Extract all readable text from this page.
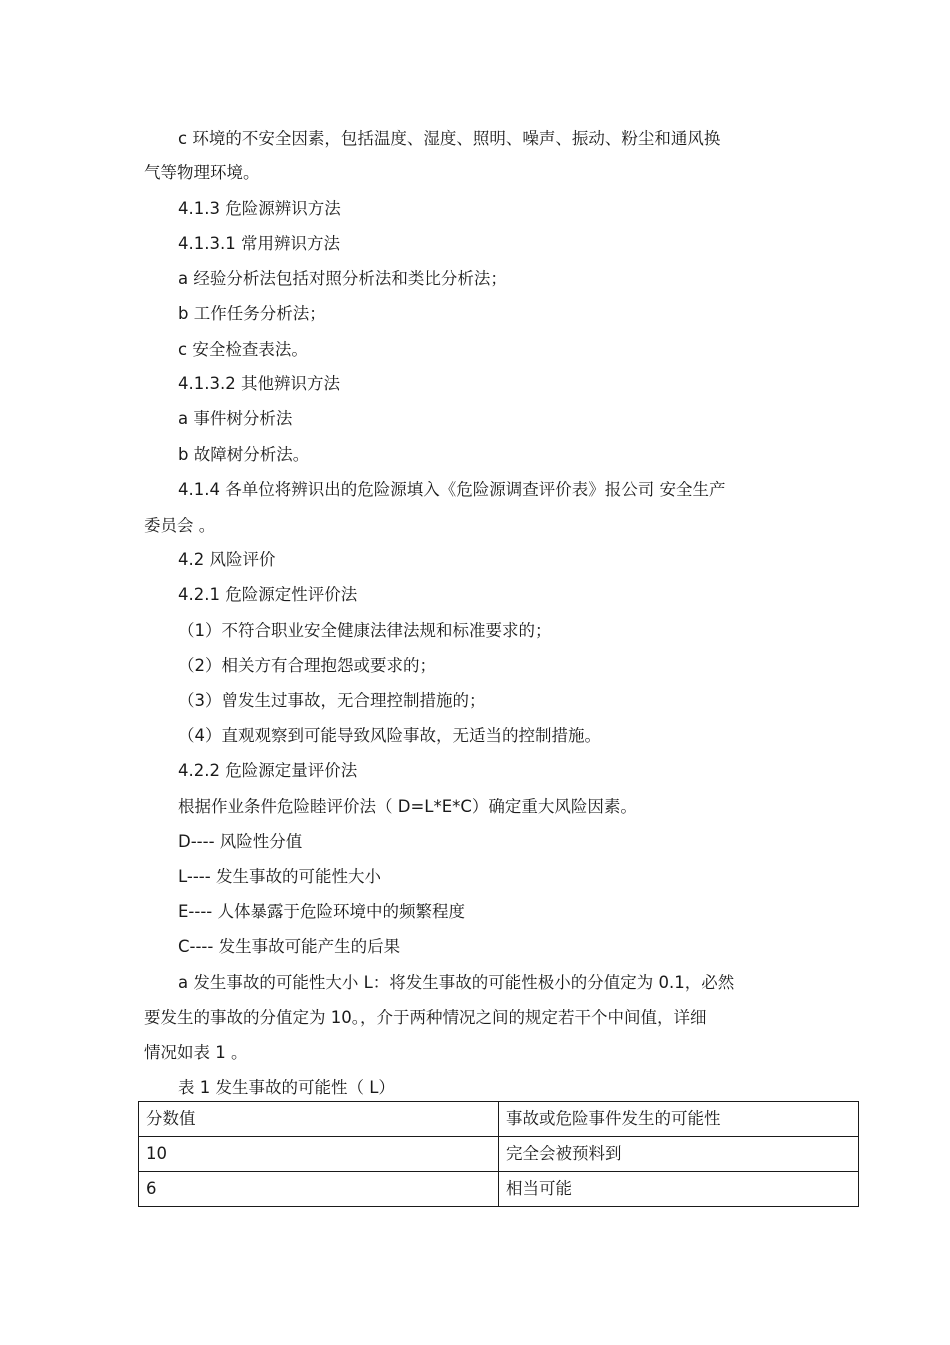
c 环境的不安全因素，包括温度、湿度、照明、噪声、振动、粉尘和通风换
气等物理环境。
4.1.3 危险源辨识方法
4.1.3.1 常用辨识方法
a 经验分析法包括对照分析法和类比分析法；
b 工作任务分析法；
c 安全检查表法。
4.1.3.2 其他辨识方法
a 事件树分析法
b 故障树分析法。
4.1.4 各单位将辨识出的危险源填入《危险源调查评价表》报公司 安全生产
委员会 。
4.2 风险评价
4.2.1 危险源定性评价法
（1）不符合职业安全健康法律法规和标准要求的；
（2）相关方有合理抱怨或要求的；
（3）曾发生过事故，无合理控制措施的；
（4）直观观察到可能导致风险事故，无适当的控制措施。
4.2.2 危险源定量评价法
根据作业条件危险睦评价法（ D=L*E*C）确定重大风险因素。
D---- 风险性分值
L---- 发生事故的可能性大小
E---- 人体暴露于危险环境中的频繁程度
C---- 发生事故可能产生的后果
a 发生事故的可能性大小 L：将发生事故的可能性极小的分值定为 0.1，必然
要发生的事故的分值定为 10。，介于两种情况之间的规定若干个中间值，详细
情况如表 1 。
表 1 发生事故的可能性（ L）
分数值	事故或危险事件发生的可能性
10	完全会被预料到
6	相当可能
